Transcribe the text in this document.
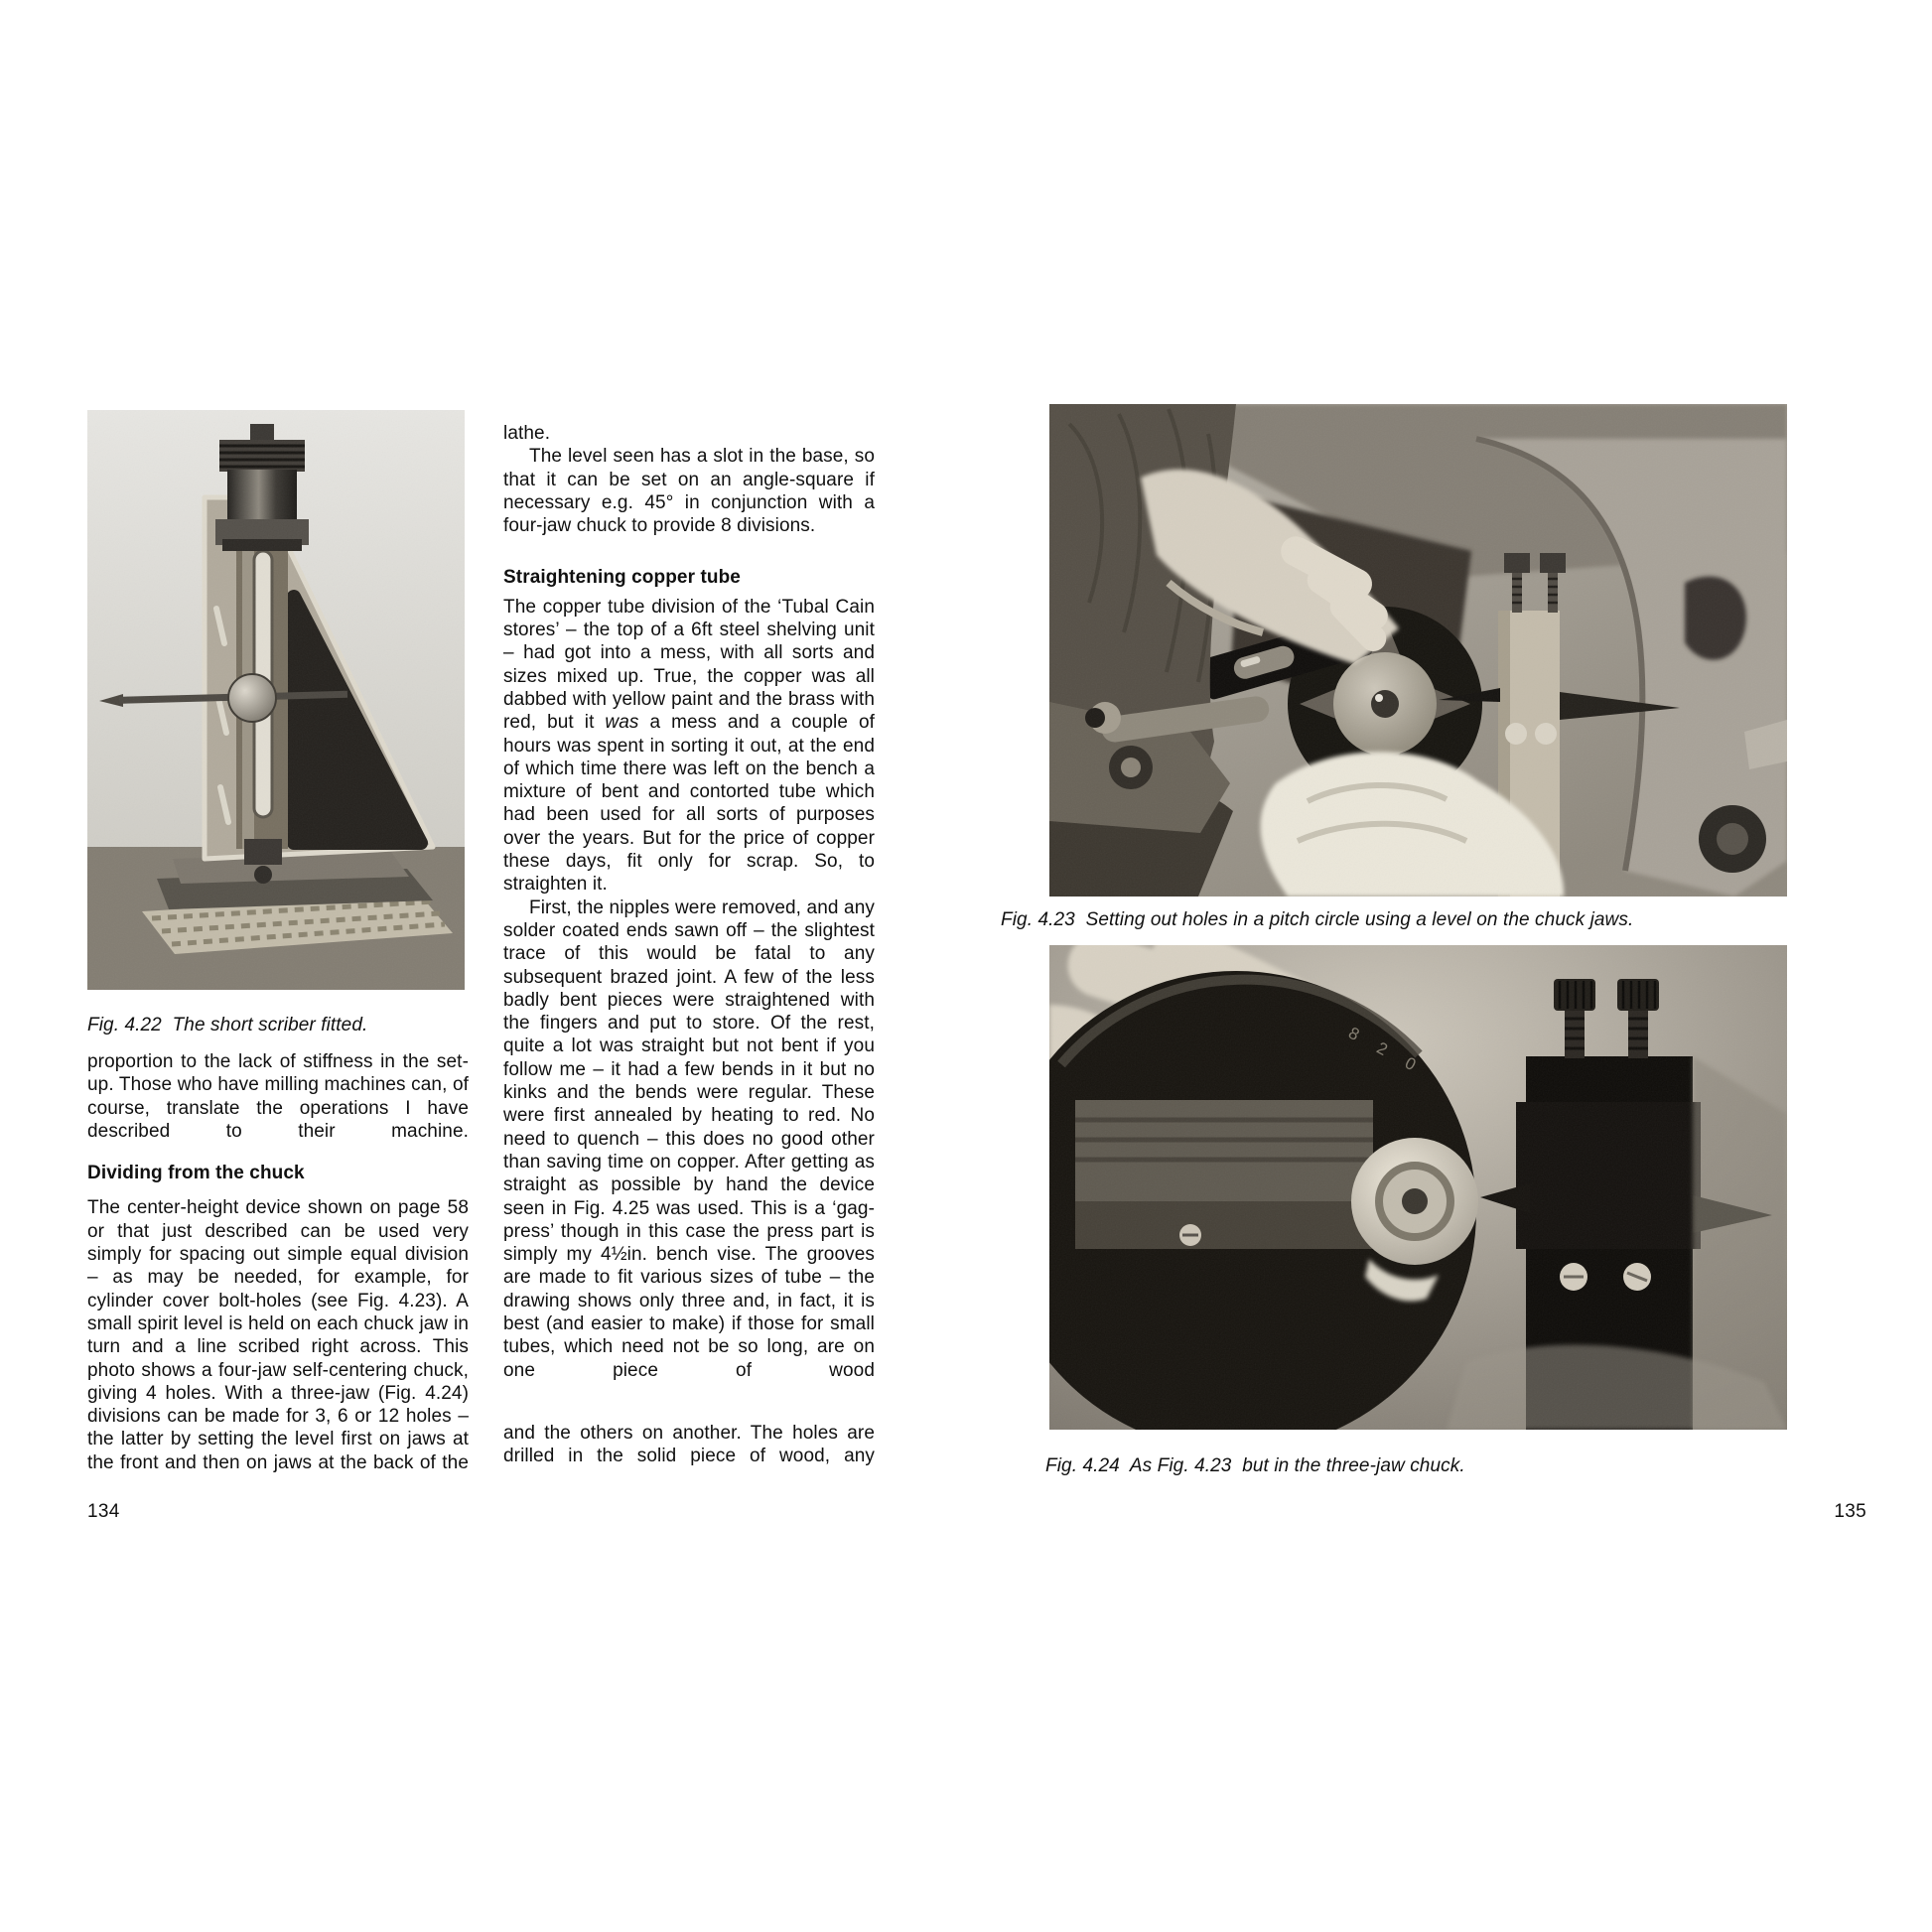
Fig. 4.22  The short scriber fitted.

proportion to the lack of stiffness in the set-up. Those who have milling machines can, of course, translate the operations I have described to their machine.

Dividing from the chuck

The center-height device shown on page 58 or that just described can be used very simply for spacing out simple equal division – as may be needed, for example, for cylinder cover bolt-holes (see Fig. 4.23). A small spirit level is held on each chuck jaw in turn and a line scribed right across. This photo shows a four-jaw self-centering chuck, giving 4 holes. With a three-jaw (Fig. 4.24) divisions can be made for 3, 6 or 12 holes – the latter by setting the level first on jaws at the front and then on jaws at the back of the

134

lathe.

The level seen has a slot in the base, so that it can be set on an angle-square if necessary e.g. 45° in conjunction with a four-jaw chuck to provide 8 divisions.

Straightening copper tube

The copper tube division of the ‘Tubal Cain stores’ – the top of a 6ft steel shelving unit – had got into a mess, with all sorts and sizes mixed up. True, the copper was all dabbed with yellow paint and the brass with red, but it was a mess and a couple of hours was spent in sorting it out, at the end of which time there was left on the bench a mixture of bent and contorted tube which had been used for all sorts of purposes over the years. But for the price of copper these days, fit only for scrap. So, to straighten it.

First, the nipples were removed, and any solder coated ends sawn off – the slightest trace of this would be fatal to any subsequent brazed joint. A few of the less badly bent pieces were straightened with the fingers and put to store. Of the rest, quite a lot was straight but not bent if you follow me – it had a few bends in it but no kinks and the bends were regular. These were first annealed by heating to red. No need to quench – this does no good other than saving time on copper. After getting as straight as possible by hand the device seen in Fig. 4.25 was used. This is a ‘gag-press’ though in this case the press part is simply my 4½in. bench vise. The grooves are made to fit various sizes of tube – the drawing shows only three and, in fact, it is best (and easier to make) if those for small tubes, which need not be so long, are on one piece of wood

and the others on another. The holes are drilled in the solid piece of wood, any

Fig. 4.23  Setting out holes in a pitch circle using a level on the chuck jaws.
8 2 0
Fig. 4.24  As Fig. 4.23  but in the three-jaw chuck.
135
